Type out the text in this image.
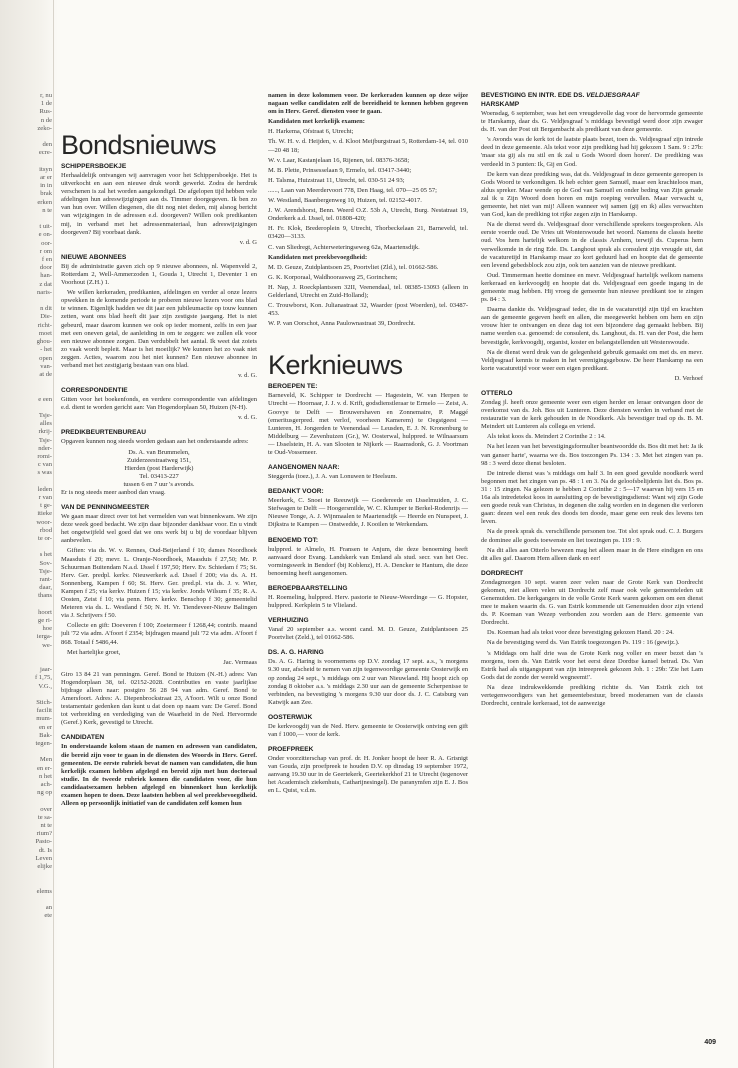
r, nu
1 de
Rus-
n de
zeko-

den
ecre-

itsyn
ar er
in in
brak
erken
n te

t uit-
e on-
oor-
r om
f en
door
han-
z dat
naris-

n dit
Die-
richt-
moet
ghou-
- het
open
van-
at de

e een

Tsje-
alles
rkrij-
Tsje-
nder-
romi-
c van
s was

leden
r van
t ge-
itieke
woor-
rbod
te or-

s het
Sov-
Tsje-
rant-
daar,
thans

hoort
ge ri-
hoe
ierga-
we-

jaar-
f 1,75,
V.G.,

Stich-
facilit
mum-
en er
Bak-
tegen-

Men
en er-
n het
ach-
ng op

over
te sa-
nt te
rium?
Pasto-
dt. Is
Leven
elijke

elems

an
ete
Bondsnieuws
SCHIPPERSBOEKJE

Herhaaldelijk ontvangen wij aanvragen voor het Schippersboekje. Het is uitverkocht en aan een nieuwe druk wordt gewerkt. Zodra de herdruk verschenen is zal het worden aangekondigd. De afgelopen tijd hebben vele afdelingen hun adreswijzigingen aan ds. Timmer doorgegeven. Ik ben zo van hun over. Willen diegenen, die dit nog niet deden, mij alsnog bericht van wijzigingen in de adressen e.d. doorgeven? Willen ook predikanten mij, in verband met het adressenmateriaal, hun adreswijzigingen doorgeven? Bij voorbaat dank.

v. d. G

NIEUWE ABONNEES

Bij de administratie gaven zich op 9 nieuwe abonnees, nl. Wapenveld 2, Rotterdam 2, Well-Ammerzoden 1, Gouda 1, Utrecht 1, Deventer 1 en Voorhout (Z.H.) 1.

We willen kerkeraden, predikanten, afdelingen en verder al onze lezers opwekken in de komende periode te proberen nieuwe lezers voor ons blad te winnen. Eigenlijk hadden we dit jaar een jubileumactie op touw kunnen zetten, want ons blad heeft dit jaar zijn zestigste jaargang. Het is niet gebeurd, maar daarom kunnen we ook op ieder moment, zelfs in een jaar met een oneven getal, de aanleiding in om te zeggen: we zullen elk voor een nieuwe abonnee zorgen. Dan verdubbelt het aantal. Ik weet dat zoiets zo vaak wordt bepleit. Maar is het moeilijk? We kunnen het zo vaak niet zeggen. Acties, waarom zou het niet kunnen? Een nieuwe abonnee in verband met het zestigjarig bestaan van ons blad.

v. d. G.

CORRESPONDENTIE

Gitten voor het boekenfonds, en verdere correspondentie van afdelingen e.d. dient te worden gericht aan: Van Hogendorplaan 50, Huizen (N-H).

v. d. G.

PREDIKBEURTENBUREAU

Opgaven kunnen nog steeds worden gedaan aan het onderstaande adres:

Ds. A. van Brummelen,

Zuiderzeestraatweg 151,

Hierden (post Harderwijk)

Tel. 03413-227

tussen 6 en 7 uur 's avonds.

Er is nog steeds meer aanbod dan vraag.

VAN DE PENNINGMEESTER

We gaan maar direct over tot het vermelden van wat binnenkwam. We zijn deze week goed bedacht. We zijn daar bijzonder dankbaar voor. En u vindt het ongetwijfeld wel goed dat we ons werk bij u bij de voordaar blijven aanbevelen.

Giften: via ds. W. v. Rennes, Oud-Beijerland f 10; dames Noordhoek Maasduis f 20; mevr. L. Oranje-Noordhoek, Maasduis f 27,50; Mr. P. Schuurman Buitendam N.a.d. IJssel f 197,50; Herv. Ev. Schiedam f 75; St. Herv. Ger. predpl. kerkv. Nieuwerkerk a.d. IJssel f 200; via ds. A. H. Sonnenberg, Kampen f 60; St. Herv. Ger. pred.pl. via ds. J. v. Wier, Kampen f 25; via kerkv. Huizen f 15; via kerkv. Jonds Wilsum f 35; R. A. Oosten, Zeist f 10; via penn. Herv. kerkv. Benschop f 30; gemeentelid Meteren via ds. L. Westland f 50; N. H. Vr. Tiendeveer-Nieuw Balingen via J. Schrijvers f 50.

Collecte en gift: Doeveren f 100; Zoetermeer f 1268,44; contrib. maand juli '72 via adm. A'foort f 2354; bijdragen maand juli '72 via adm. A'foort f 868. Totaal f 5486,44.

Met hartelijke groet,

Jac. Vermaas

Giro 13 84 21 van penningm. Geref. Bond te Huizen (N.-H.) adres: Van Hogendorplaan 38, tel. 02152-2028. Contributies en vaste jaarlijkse bijdrage alleen naar: postgiro 56 28 94 van adm. Geref. Bond te Amersfoort. Adres: A. Diepenbrockstraat 23, A'foort. Wilt u onze Bond testamentair gedenken dan kunt u dat doen op naam van: De Geref. Bond tot verbreiding en verdediging van de Waarheid in de Ned. Hervormde (Geref.) Kerk, gevestigd te Utrecht.

CANDIDATEN

In onderstaande kolom staan de namen en adressen van candidaten, die bereid zijn voor te gaan in de diensten des Woords in Herv. Geref. gemeenten. De eerste rubriek bevat de namen van candidaten, die hun kerkelijk examen hebben afgelegd en bereid zijn met hun doctoraal studie. In de tweede rubriek komen die candidaten voor, die hun candidaatsexamen hebben afgelegd en binnenkort hun kerkelijk examen hopen te doen. Deze laatsten hebben al wel preekbevoegdheid. Alleen op persoonlijk initiatief van de candidaten zelf komen hun

namen in deze kolommen voor. De kerkeraden kunnen op deze wijze nagaan welke candidaten zelf de bereidheid te kennen hebben gegeven om in Herv. Geref. diensten voor te gaan.

Kandidaten met kerkelijk examen:

H. Harkema, Ofstraat 6, Utrecht;

Th. W. H. v. d. Heijden, v. d. Kloot Meijburgstraat 5, Rotterdam-14, tel. 010—20 48 18;

W. v. Laar, Kastanjelaan 16, Rijenen, tel. 08376-3658;

M. B. Plette, Prinsesselaan 9, Ermelo, tel. 03417-3440;

H. Talsma, Huizstraat 11, Utrecht, tel. 030-51 24 93;

......, Laan van Meerdervoort 778, Den Haag, tel. 070—25 05 57;

W. Westland, Baanbergenweg 10, Huizen, tel. 02152-4017.

J. W. Arendshorst, Benn. Weerd O.Z. 53b A, Utrecht, Burg. Nestatraat 19, Onderkerk a.d. IJssel, tel. 01808-420;

H. Fr. Klok, Brederoplein 9, Utrecht, Thorbeckelaan 21, Barneveld, tel. 03420—3133.

C. van Sliedregt, Achterweteringseweg 62a, Maartensdijk.

Kandidaten met preekbevoegdheid:

M. D. Geuze, Zuidplantsoen 25, Poortvliet (Zld.), tel. 01662-586.

G. K. Korporaal, Waldhoorasweg 25, Gorinchem;

H. Nap, J. Roeckplantsoen 32II, Veenendaal, tel. 08385-13093 (alleen in Gelderland, Utrecht en Zuid-Holland);

C. Trouwborst, Kon. Julianastraat 32, Waarder (post Woerden), tel. 03487-453.

W. P. van Oorschot, Anna Paulownastraat 39, Dordrecht.

Kerknieuws
BEROEPEN TE:

Barneveld, K. Schipper te Dordrecht — Hagestein, W. van Herpen te Utrecht — Hoornaar, J. J. v. d. Krift, godsdienstleraar te Ermelo — Zeist, A. Goovye te Delft — Brouwershaven en Zonnemaire, P. Maggé (emeritusgerpred. met verlof, voorheen Kamerem) te Oegstgeest — Lunteren, H. Jongerden te Veenendaal — Leusden, E. J. N. Kronenburg te Middelburg — Zevenhuizen (Gr.), W. Oosterwal, hulppred. te Wilnaarsum — IJsselstein, H. A. van Slooten te Nijkerk — Raamsdonk, G. J. Voortman te Oud-Vossemeer.

AANGENOMEN NAAR:

Steggerda (toez.), J. A. van Lonuwen te Heelsum.

BEDANKT VOOR:

Meerkerk, C. Snoei te Reeuwijk — Goedereede en IJsselmuiden, J. C. Stefwagen te Delft — Hoogersmilde, W. C. Klumper te Berkel-Rodenrijs — Nieuwe Tonge, A. J. Wijnmaalen te Maartensdijk — Heerde en Nunspeet, J. Dijkstra te Kampen — Onstwedde, J. Kooilen te Werkendam.

BENOEMD TOT:

hulppred. te Almelo, H. Fransen te Anjum, die deze benoeming heeft aanvaard door Evang. Landskerk van Emland als stud. secr. van het Oec. vormingswerk in Bendorf (bij Koblenz), H. A. Dencker te Hantum, die deze benoeming heeft aangenomen.

BEROEPBAARSTELLING

H. Roemeling, hulppred. Herv. pastorie te Nieuw-Weerdinge — G. Hopster, hulppred. Kerkplein 5 te Vlieland.

VERHUIZING

Vanaf 20 september a.s. woont cand. M. D. Geuze, Zuidplantsoen 25 Poortvliet (Zeld.), tel 01662-586.

DS. A. G. HARING

Ds. A. G. Haring is voornemens op D.V. zondag 17 sept. a.s., 's morgens 9.30 uur, afscheid te nemen van zijn tegenwoordige gemeente Oosterwijk en op zondag 24 sept., 's middags om 2 uur van Nieuwland. Hij hoopt zich op zondag 8 oktober a.s. 's middags 2.30 uur aan de gemeente Scherpenisse te verbinden, na bevestiging 's morgens 9.30 uur door ds. J. C. Catsburg van Katwijk aan Zee.

OOSTERWIJK

De kerkvoogdij van de Ned. Herv. gemeente te Oosterwijk ontving een gift van f 1000,— voor de kerk.

PROEFPREEK

Onder voorzitterschap van prof. dr. H. Jonker hoopt de heer R. A. Grisnigt van Gouda, zijn proefpreek te houden D.V. op dinsdag 19 september 1972, aanvang 19.30 uur in de Geertekerk, Geertekerkhof 21 te Utrecht (tegenover het Academisch ziekenhuis, Catharijnesingel). De paranymfen zijn E. J. Bos en L. Quist, v.d.m.

BEVESTIGING EN INTR. EDE DS. VELDJESGRAAF
HARSKAMP

Woensdag, 6 september, was het een vreugdevolle dag voor de hervormde gemeente te Harskamp, daar ds. G. Veldjesgraaf 's middags bevestigd werd door zijn zwager ds. H. van der Post uit Bergambacht als predikant van deze gemeente.

's Avonds was de kerk tot de laatste plaats bezet, toen ds. Veldjesgraaf zijn intrede deed in deze gemeente. Als tekst voor zijn prediking had hij gekozen 1 Sam. 9 : 27b: 'maar sta gij als nu stil en ik zal u Gods Woord doen horen'. De prediking was verdeeld in 3 punten: Ik, Gij en God.

De kern van deze prediking was, dat ds. Veldjesgraaf in deze gemeente gereopen is Gods Woord te verkondigen. Ik heb echter geen Samuël, maar een krachteloos man, aldus spreker. Maar wende op de God van Samuël en onder beding van Zijn genade zal ik u Zijn Woord doen horen en mijn roeping vervullen. Maar verwacht u, gemeente, het niet van mij! Alleen wanneer wij samen (gij en ik) alles verwachten van God, kan de prediking tot rijke zegen zijn in Harskamp.

Na de dienst werd ds. Veldjesgraaf door verschillende sprekers toegesproken. Als eerste voerde oud. De Vries uit Wonterswoude het woord. Namens de classis heette oud. Vos hem hartelijk welkom in de classis Arnhem, terwijl ds. Cuperus hem verwelkomde in de ring Ede. Ds. Langhout sprak als consulent zijn vreugde uit, dat de vacaturetijd in Harskamp maar zo kort geduurd had en hoopte dat de gemeente een levend gebedsblock zou zijn, ook ten aanzien van de nieuwe predikant.

Oud. Timmerman heette dominee en mevr. Veldjesgraaf hartelijk welkom namens kerkeraad en kerkvoogdij en hoopte dat ds. Veldjesgraaf een goede ingang in de gemeente mag hebben. Hij vroeg de gemeente hun nieuwe predikant toe te zingen ps. 84 : 3.

Daarna dankte ds. Veldjesgraaf ieder, die in de vacaturetijd zijn tijd en krachten aan de gemeente gegeven heeft en allen, die meegewerkt hebben om hem en zijn vrouw hier te ontvangen en deze dag tot een bijzondere dag gemaakt hebben. Bij name werden o.a. genoemd: de consulent, ds. Langhout, ds. H. van der Post, die hem bevestigde, kerkvoogdij, organist, koster en belangstellenden uit Westerswoude.

Na de dienst werd druk van de gelegenheid gebruik gemaakt om met ds. en mevr. Veldjesgraaf kennis te maken in het verenigingsgebouw. De heer Harskamp na een korte vacaturetijd voor weer een eigen predikant.

D. Verhoef

OTTERLO

Zondag jl. heeft onze gemeente weer een eigen herder en leraar ontvangen door de overkomst van ds. Joh. Bos uit Lunteren. Deze diensten werden in verband met de restauratie van de kerk gehouden in de Noodkerk. Als bevestiger trad op ds. B. M. Meindert uit Lunteren als collega en vriend.

Als tekst koos ds. Meindert 2 Corinthe 2 : 14.

Na het lezen van het bevestigingsformulier beantwoordde ds. Bos dit met het: Ja ik van ganser harte', waarna we ds. Bos toezongen Ps. 134 : 3. Met het zingen van ps. 98 : 3 werd deze dienst besloten.

De intrede dienst was 's middags om half 3. In een goed gevulde noodkerk werd begonnen met het zingen van ps. 48 : 1 en 3. Na de geloofsbelijdenis liet ds. Bos ps. 31 : 15 zingen. Na gelezen te hebben 2 Corinthe 2 : 5—17 waarvan hij vers 15 en 16a als intredetekst koos in aansluiting op de bevestigingsdienst: Want wij zijn Gode een goede reuk van Christus, in degenen die zalig worden en in degenen die verloren gaan: dezen wel een reuk des doods ten doode, maar gene een reuk des levens ten leven.

Na de preek sprak ds. verschillende personen toe. Tot slot sprak oud. C. J. Burgers de dominee alle goeds toewenste en liet toezingen ps. 119 : 9.

Na dit alles aan Otterlo bewezen mag het alleen maar in de Here eindigen en ons dit alles gaf. Daarom Hem alleen dank en eer!

DORDRECHT

Zondagmorgen 10 sept. waren zeer velen naar de Grote Kerk van Dordrecht gekomen, niet alleen velen uit Dordrecht zelf maar ook vele gemeenteleden uit Genemuiden. De kerkgangers in de volle Grote Kerk waren gekomen om een dienst mee te maken waarin ds. G. van Estrik kommende uit Genemuiden door zijn vriend ds. P. Koeman van Wezep verbonden zou worden aan de Herv. gemeente van Dordrecht.

Ds. Koeman had als tekst voor deze bevestiging gekozen Hand. 20 : 24.

Na de bevestiging werd ds. Van Estrik toegezongen Ps. 119 : 16 (gewijz.).

's Middags om half drie was de Grote Kerk nog voller en meer bezet dan 's morgens, toen ds. Van Estrik voor het eerst deze Dordtse kansel betrad. Ds. Van Estrik had als uitgangspunt van zijn intreepreek gekozen Joh. 1 : 29b: 'Zie het Lam Gods dat de zonde der wereld wegneemt!'.

Na deze indrukwekkende prediking richtte ds. Van Estrik zich tot vertegenwoordigers van het gemeentebestuur, breed moderamen van de classis Dordrecht, centrale kerkeraad, tot de aanwezige

409
